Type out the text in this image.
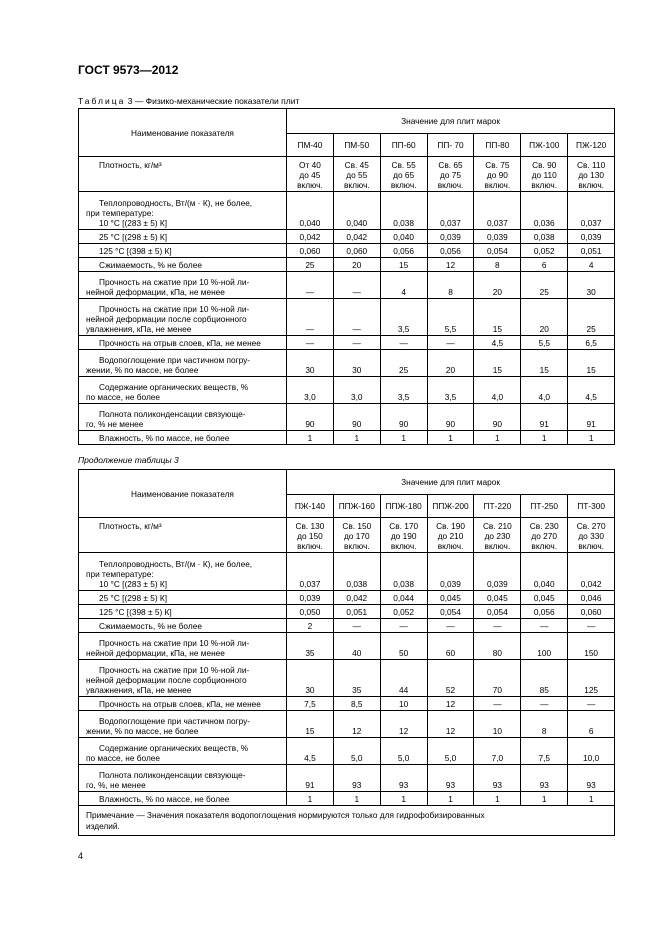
ГОСТ 9573—2012
Таблица 3 — Физико-механические показатели плит
Наименование показателя	Значение для плит марок						
	ПМ-40	ПМ-50	ПП-60	ПП- 70	ПП-80	ПЖ-100	ПЖ-120

Плотность, кг/м³	От 40
до 45
включ.	Св. 45
до 55
включ.	Св. 55
до 65
включ.	Св. 65
до 75
включ.	Св. 75
до 90
включ.	Св. 90
до 110
включ.	Св. 110
до 130
включ.

Теплопроводность, Вт/(м · К), не более,
при температуре:
10 °С [(283 ± 5) К]	0,040	0,040	0,038	0,037	0,037	0,036	0,037

25 °С [(298 ± 5) К]	0,042	0,042	0,040	0,039	0,039	0,038	0,039

125 °С [(398 ± 5) К]	0,060	0,060	0,056	0,056	0,054	0,052	0,051

Сжимаемость, % не более	25	20	15	12	8	6	4

Прочность на сжатие при 10 %-ной ли-
нейной деформации, кПа, не менее	—	—	4	8	20	25	30

Прочность на сжатие при 10 %-ной ли-
нейной деформации после сорбционного
увлажнения, кПа, не менее	—	—	3,5	5,5	15	20	25

Прочность на отрыв слоев, кПа, не менее	—	—	—	—	4,5	5,5	6,5

Водопоглощение при частичном погру-
жении, % по массе, не более	30	30	25	20	15	15	15

Содержание органических веществ, %
по массе, не более	3,0	3,0	3,5	3,5	4,0	4,0	4,5

Полнота поликонденсации связующе-
го, % не менее	90	90	90	90	90	91	91

Влажность, % по массе, не более	1	1	1	1	1	1	1
Продолжение таблицы 3
Наименование показателя	Значение для плит марок						
	ПЖ-140	ППЖ-160	ППЖ-180	ППЖ-200	ПТ-220	ПТ-250	ПТ-300

Плотность, кг/м³	Св. 130
до 150
включ.	Св. 150
до 170
включ.	Св. 170
до 190
включ.	Св. 190
до 210
включ.	Св. 210
до 230
включ.	Св. 230
до 270
включ.	Св. 270
до 330
включ.

Теплопроводность, Вт/(м · К), не более,
при температуре:
10 °С [(283 ± 5) К]	0,037	0,038	0,038	0,039	0,039	0,040	0,042

25 °С [(298 ± 5) К]	0,039	0,042	0,044	0,045	0,045	0,045	0,046

125 °С [(398 ± 5) К]	0,050	0,051	0,052	0,054	0,054	0,056	0,060

Сжимаемость, % не более	2	—	—	—	—	—	—

Прочность на сжатие при 10 %-ной ли-
нейной деформации, кПа, не менее	35	40	50	60	80	100	150

Прочность на сжатие при 10 %-ной ли-
нейной деформации после сорбционного
увлажнения, кПа, не менее	30	35	44	52	70	85	125

Прочность на отрыв слоев, кПа, не менее	7,5	8,5	10	12	—	—	—

Водопоглощение при частичном погру-
жении, % по массе, не более	15	12	12	12	10	8	6

Содержание органических веществ, %
по массе, не более	4,5	5,0	5,0	5,0	7,0	7,5	10,0

Полнота поликонденсации связующе-
го, %, не менее	91	93	93	93	93	93	93

Влажность, % по массе, не более	1	1	1	1	1	1	1

Примечание — Значения показателя водопоглощения нормируются только для гидрофобизированных
изделий.							
4
